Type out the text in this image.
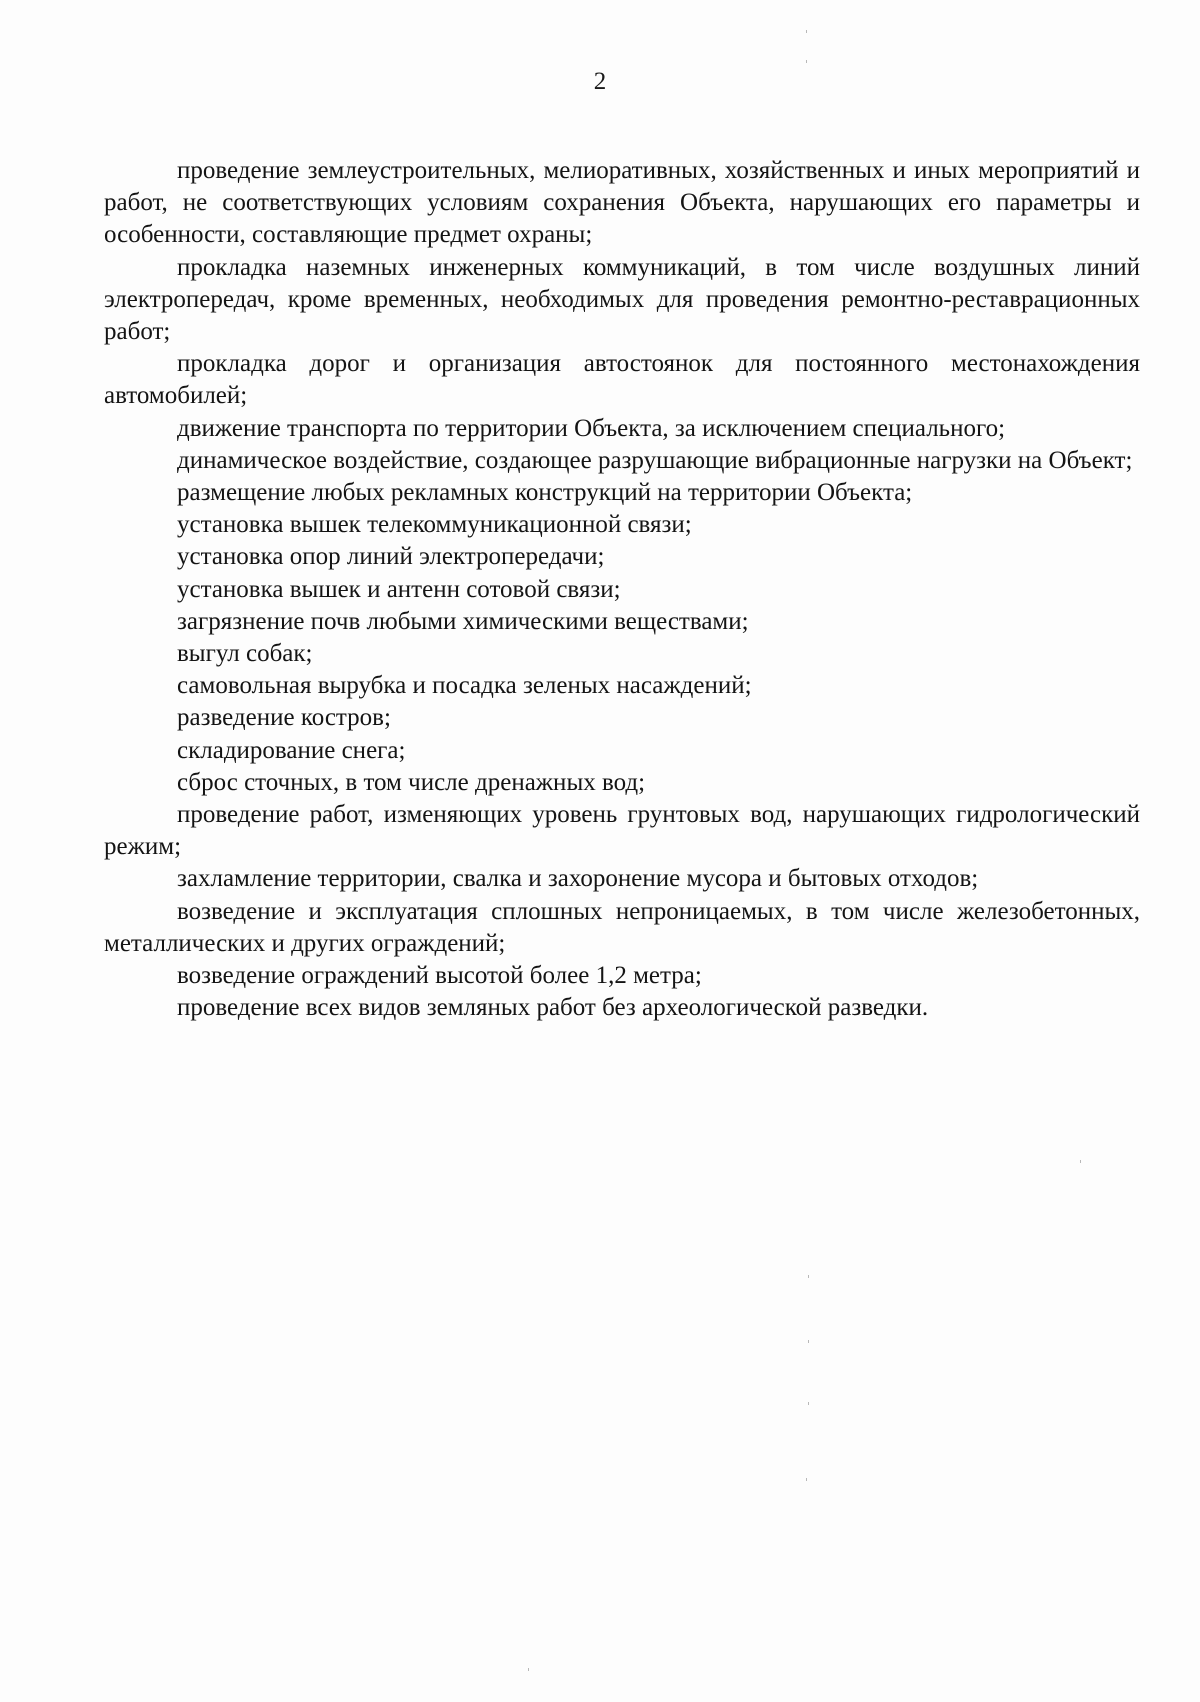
2

проведение землеустроительных, мелиоративных, хозяйственных и иных мероприятий и работ, не соответствующих условиям сохранения Объекта, нарушающих его параметры и особенности, составляющие предмет охраны;

прокладка наземных инженерных коммуникаций, в том числе воздушных линий электропередач, кроме временных, необходимых для проведения ремонтно-реставрационных работ;

прокладка дорог и организация автостоянок для постоянного местонахождения автомобилей;

движение транспорта по территории Объекта, за исключением специального;

динамическое воздействие, создающее разрушающие вибрационные нагрузки на Объект;

размещение любых рекламных конструкций на территории Объекта;

установка вышек телекоммуникационной связи;

установка опор линий электропередачи;

установка вышек и антенн сотовой связи;

загрязнение почв любыми химическими веществами;

выгул собак;

самовольная вырубка и посадка зеленых насаждений;

разведение костров;

складирование снега;

сброс сточных, в том числе дренажных вод;

проведение работ, изменяющих уровень грунтовых вод, нарушающих гидрологический режим;

захламление территории, свалка и захоронение мусора и бытовых отходов;

возведение и эксплуатация сплошных непроницаемых, в том числе железобетонных, металлических и других ограждений;

возведение ограждений высотой более 1,2 метра;

проведение всех видов земляных работ без археологической разведки.
